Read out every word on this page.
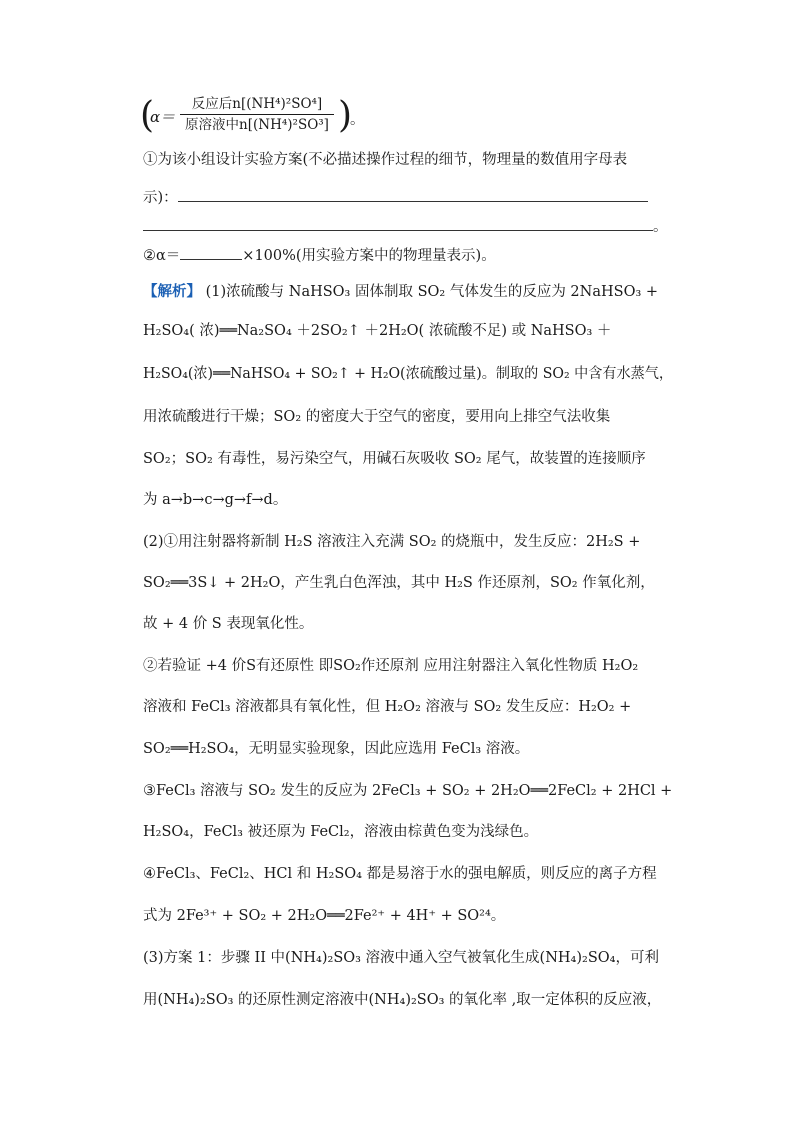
(
α＝
反应后n[(NH⁴)²SO⁴]
原溶液中n[(NH⁴)²SO³] )
。
①为该小组设计实验方案(不必描述操作过程的细节，物理量的数值用字母表
示)：
。
②α＝	×100%(用实验方案中的物理量表示)。
【解析】 (1)浓硫酸与 NaHSO₃ 固体制取 SO₂ 气体发生的反应为 2NaHSO₃ +
H₂SO₄( 浓)══Na₂SO₄ ＋2SO₂↑ ＋2H₂O( 浓硫酸不足) 或 NaHSO₃ ＋
H₂SO₄(浓)══NaHSO₄ + SO₂↑ + H₂O(浓硫酸过量)。制取的 SO₂ 中含有水蒸气，
用浓硫酸进行干燥；SO₂ 的密度大于空气的密度，要用向上排空气法收集
SO₂；SO₂ 有毒性，易污染空气，用碱石灰吸收 SO₂ 尾气，故装置的连接顺序
为 a→b→c→g→f→d。
(2)①用注射器将新制 H₂S 溶液注入充满 SO₂ 的烧瓶中，发生反应：2H₂S +
SO₂══3S↓ + 2H₂O，产生乳白色浑浊，其中 H₂S 作还原剂，SO₂ 作氧化剂，
故 + 4 价 S 表现氧化性。
②若验证 +4 价S有还原性 即SO₂作还原剂 应用注射器注入氧化性物质 H₂O₂
溶液和 FeCl₃ 溶液都具有氧化性，但 H₂O₂ 溶液与 SO₂ 发生反应：H₂O₂ +
SO₂══H₂SO₄，无明显实验现象，因此应选用 FeCl₃ 溶液。
③FeCl₃ 溶液与 SO₂ 发生的反应为 2FeCl₃ + SO₂ + 2H₂O══2FeCl₂ + 2HCl +
H₂SO₄，FeCl₃ 被还原为 FeCl₂，溶液由棕黄色变为浅绿色。
④FeCl₃、FeCl₂、HCl 和 H₂SO₄ 都是易溶于水的强电解质，则反应的离子方程
式为 2Fe³⁺ + SO₂ + 2H₂O══2Fe²⁺ + 4H⁺ + SO²⁴。
(3)方案 1：步骤 II 中(NH₄)₂SO₃ 溶液中通入空气被氧化生成(NH₄)₂SO₄，可利
用(NH₄)₂SO₃ 的还原性测定溶液中(NH₄)₂SO₃ 的氧化率 ,取一定体积的反应液，
